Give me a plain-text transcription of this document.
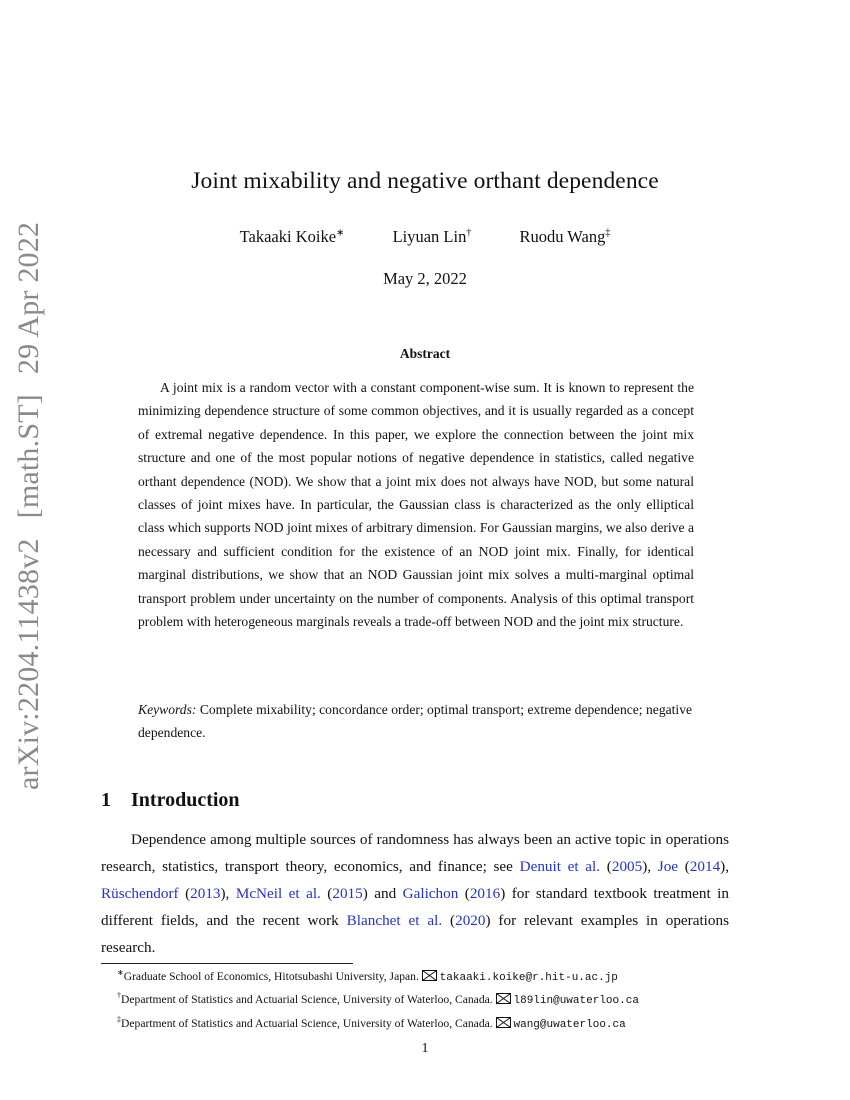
arXiv:2204.11438v2[math.ST]29 Apr 2022
Joint mixability and negative orthant dependence
Takaaki Koike∗	Liyuan Lin†	Ruodu Wang‡
May 2, 2022
Abstract
A joint mix is a random vector with a constant component-wise sum. It is known to represent the minimizing dependence structure of some common objectives, and it is usually regarded as a concept of extremal negative dependence. In this paper, we explore the connection between the joint mix structure and one of the most popular notions of negative dependence in statistics, called negative orthant dependence (NOD). We show that a joint mix does not always have NOD, but some natural classes of joint mixes have. In particular, the Gaussian class is characterized as the only elliptical class which supports NOD joint mixes of arbitrary dimension. For Gaussian margins, we also derive a necessary and sufficient condition for the existence of an NOD joint mix. Finally, for identical marginal distributions, we show that an NOD Gaussian joint mix solves a multi-marginal optimal transport problem under uncertainty on the number of components. Analysis of this optimal transport problem with heterogeneous marginals reveals a trade-off between NOD and the joint mix structure.
Keywords: Complete mixability; concordance order; optimal transport; extreme dependence; negative dependence.
1 Introduction
Dependence among multiple sources of randomness has always been an active topic in operations research, statistics, transport theory, economics, and finance; see Denuit et al. (2005), Joe (2014), Rüschendorf (2013), McNeil et al. (2015) and Galichon (2016) for standard textbook treatment in different fields, and the recent work Blanchet et al. (2020) for relevant examples in operations research.
∗Graduate School of Economics, Hitotsubashi University, Japan. takaaki.koike@r.hit-u.ac.jp
†Department of Statistics and Actuarial Science, University of Waterloo, Canada. l89lin@uwaterloo.ca
‡Department of Statistics and Actuarial Science, University of Waterloo, Canada. wang@uwaterloo.ca
1
